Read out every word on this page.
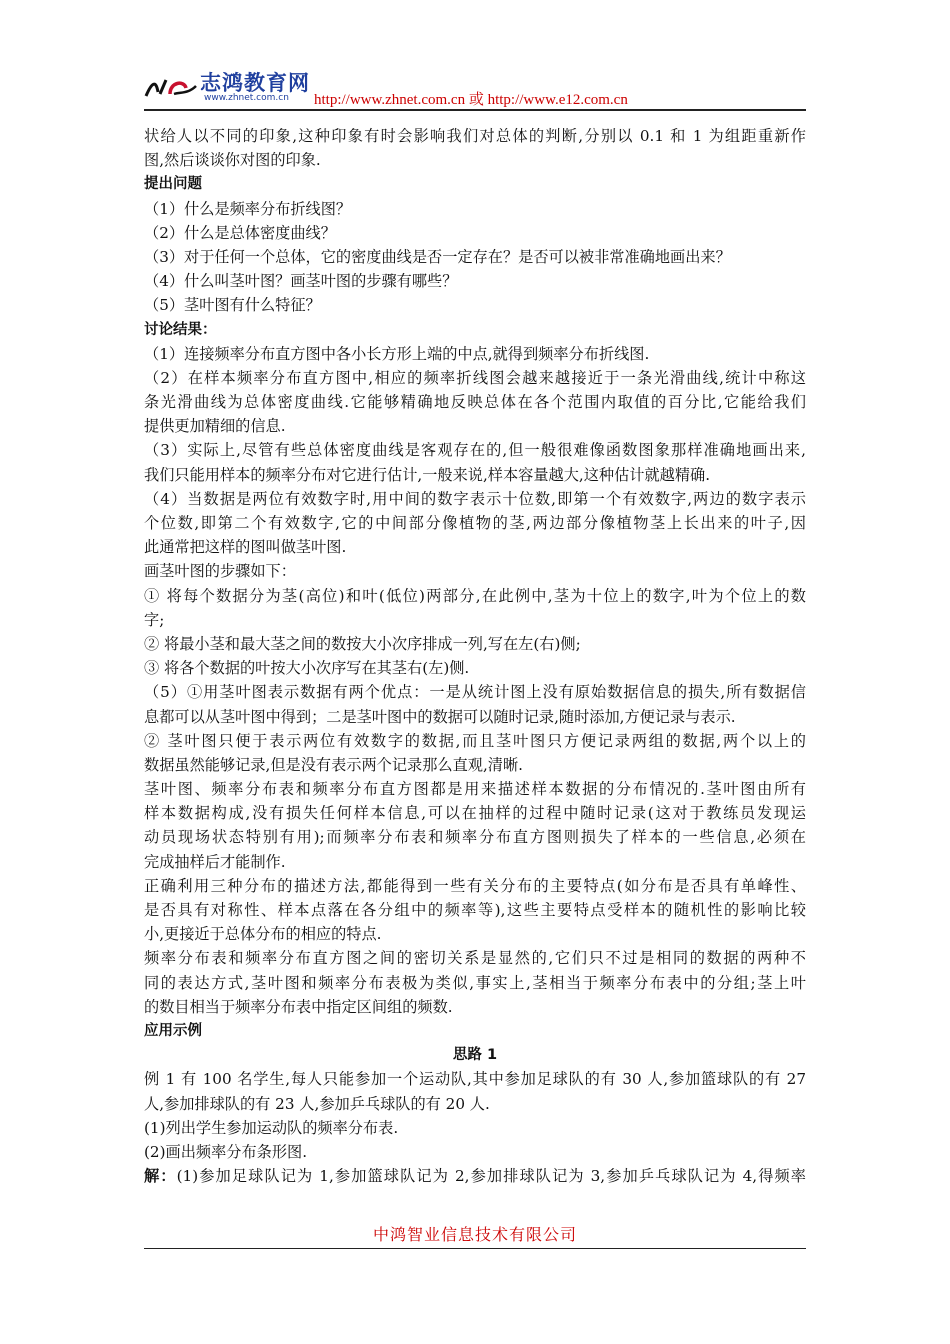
志鸿教育网
www.zhnet.com.cn http://www.zhnet.com.cn 或 http://www.e12.com.cn
状给人以不同的印象,这种印象有时会影响我们对总体的判断,分别以 0.1 和 1 为组距重新作
图,然后谈谈你对图的印象.
提出问题
（1）什么是频率分布折线图？
（2）什么是总体密度曲线？
（3）对于任何一个总体，它的密度曲线是否一定存在？是否可以被非常准确地画出来？
（4）什么叫茎叶图？画茎叶图的步骤有哪些？
（5）茎叶图有什么特征？
讨论结果：
（1）连接频率分布直方图中各小长方形上端的中点,就得到频率分布折线图.
（2）在样本频率分布直方图中,相应的频率折线图会越来越接近于一条光滑曲线,统计中称这
条光滑曲线为总体密度曲线.它能够精确地反映总体在各个范围内取值的百分比,它能给我们
提供更加精细的信息.
（3）实际上,尽管有些总体密度曲线是客观存在的,但一般很难像函数图象那样准确地画出来,
我们只能用样本的频率分布对它进行估计,一般来说,样本容量越大,这种估计就越精确.
（4）当数据是两位有效数字时,用中间的数字表示十位数,即第一个有效数字,两边的数字表示
个位数,即第二个有效数字,它的中间部分像植物的茎,两边部分像植物茎上长出来的叶子,因
此通常把这样的图叫做茎叶图.
画茎叶图的步骤如下：
① 将每个数据分为茎(高位)和叶(低位)两部分,在此例中,茎为十位上的数字,叶为个位上的数
字;
② 将最小茎和最大茎之间的数按大小次序排成一列,写在左(右)侧;
③ 将各个数据的叶按大小次序写在其茎右(左)侧.
（5）①用茎叶图表示数据有两个优点：一是从统计图上没有原始数据信息的损失,所有数据信
息都可以从茎叶图中得到；二是茎叶图中的数据可以随时记录,随时添加,方便记录与表示.
② 茎叶图只便于表示两位有效数字的数据,而且茎叶图只方便记录两组的数据,两个以上的
数据虽然能够记录,但是没有表示两个记录那么直观,清晰.
茎叶图、频率分布表和频率分布直方图都是用来描述样本数据的分布情况的.茎叶图由所有
样本数据构成,没有损失任何样本信息,可以在抽样的过程中随时记录(这对于教练员发现运
动员现场状态特别有用);而频率分布表和频率分布直方图则损失了样本的一些信息,必须在
完成抽样后才能制作.
正确利用三种分布的描述方法,都能得到一些有关分布的主要特点(如分布是否具有单峰性、
是否具有对称性、样本点落在各分组中的频率等),这些主要特点受样本的随机性的影响比较
小,更接近于总体分布的相应的特点.
频率分布表和频率分布直方图之间的密切关系是显然的,它们只不过是相同的数据的两种不
同的表达方式,茎叶图和频率分布表极为类似,事实上,茎相当于频率分布表中的分组;茎上叶
的数目相当于频率分布表中指定区间组的频数.
应用示例
思路 1
例 1 有 100 名学生,每人只能参加一个运动队,其中参加足球队的有 30 人,参加篮球队的有 27
人,参加排球队的有 23 人,参加乒乓球队的有 20 人.
(1)列出学生参加运动队的频率分布表.
(2)画出频率分布条形图.
解：(1)参加足球队记为 1,参加篮球队记为 2,参加排球队记为 3,参加乒乓球队记为 4,得频率
中鸿智业信息技术有限公司
